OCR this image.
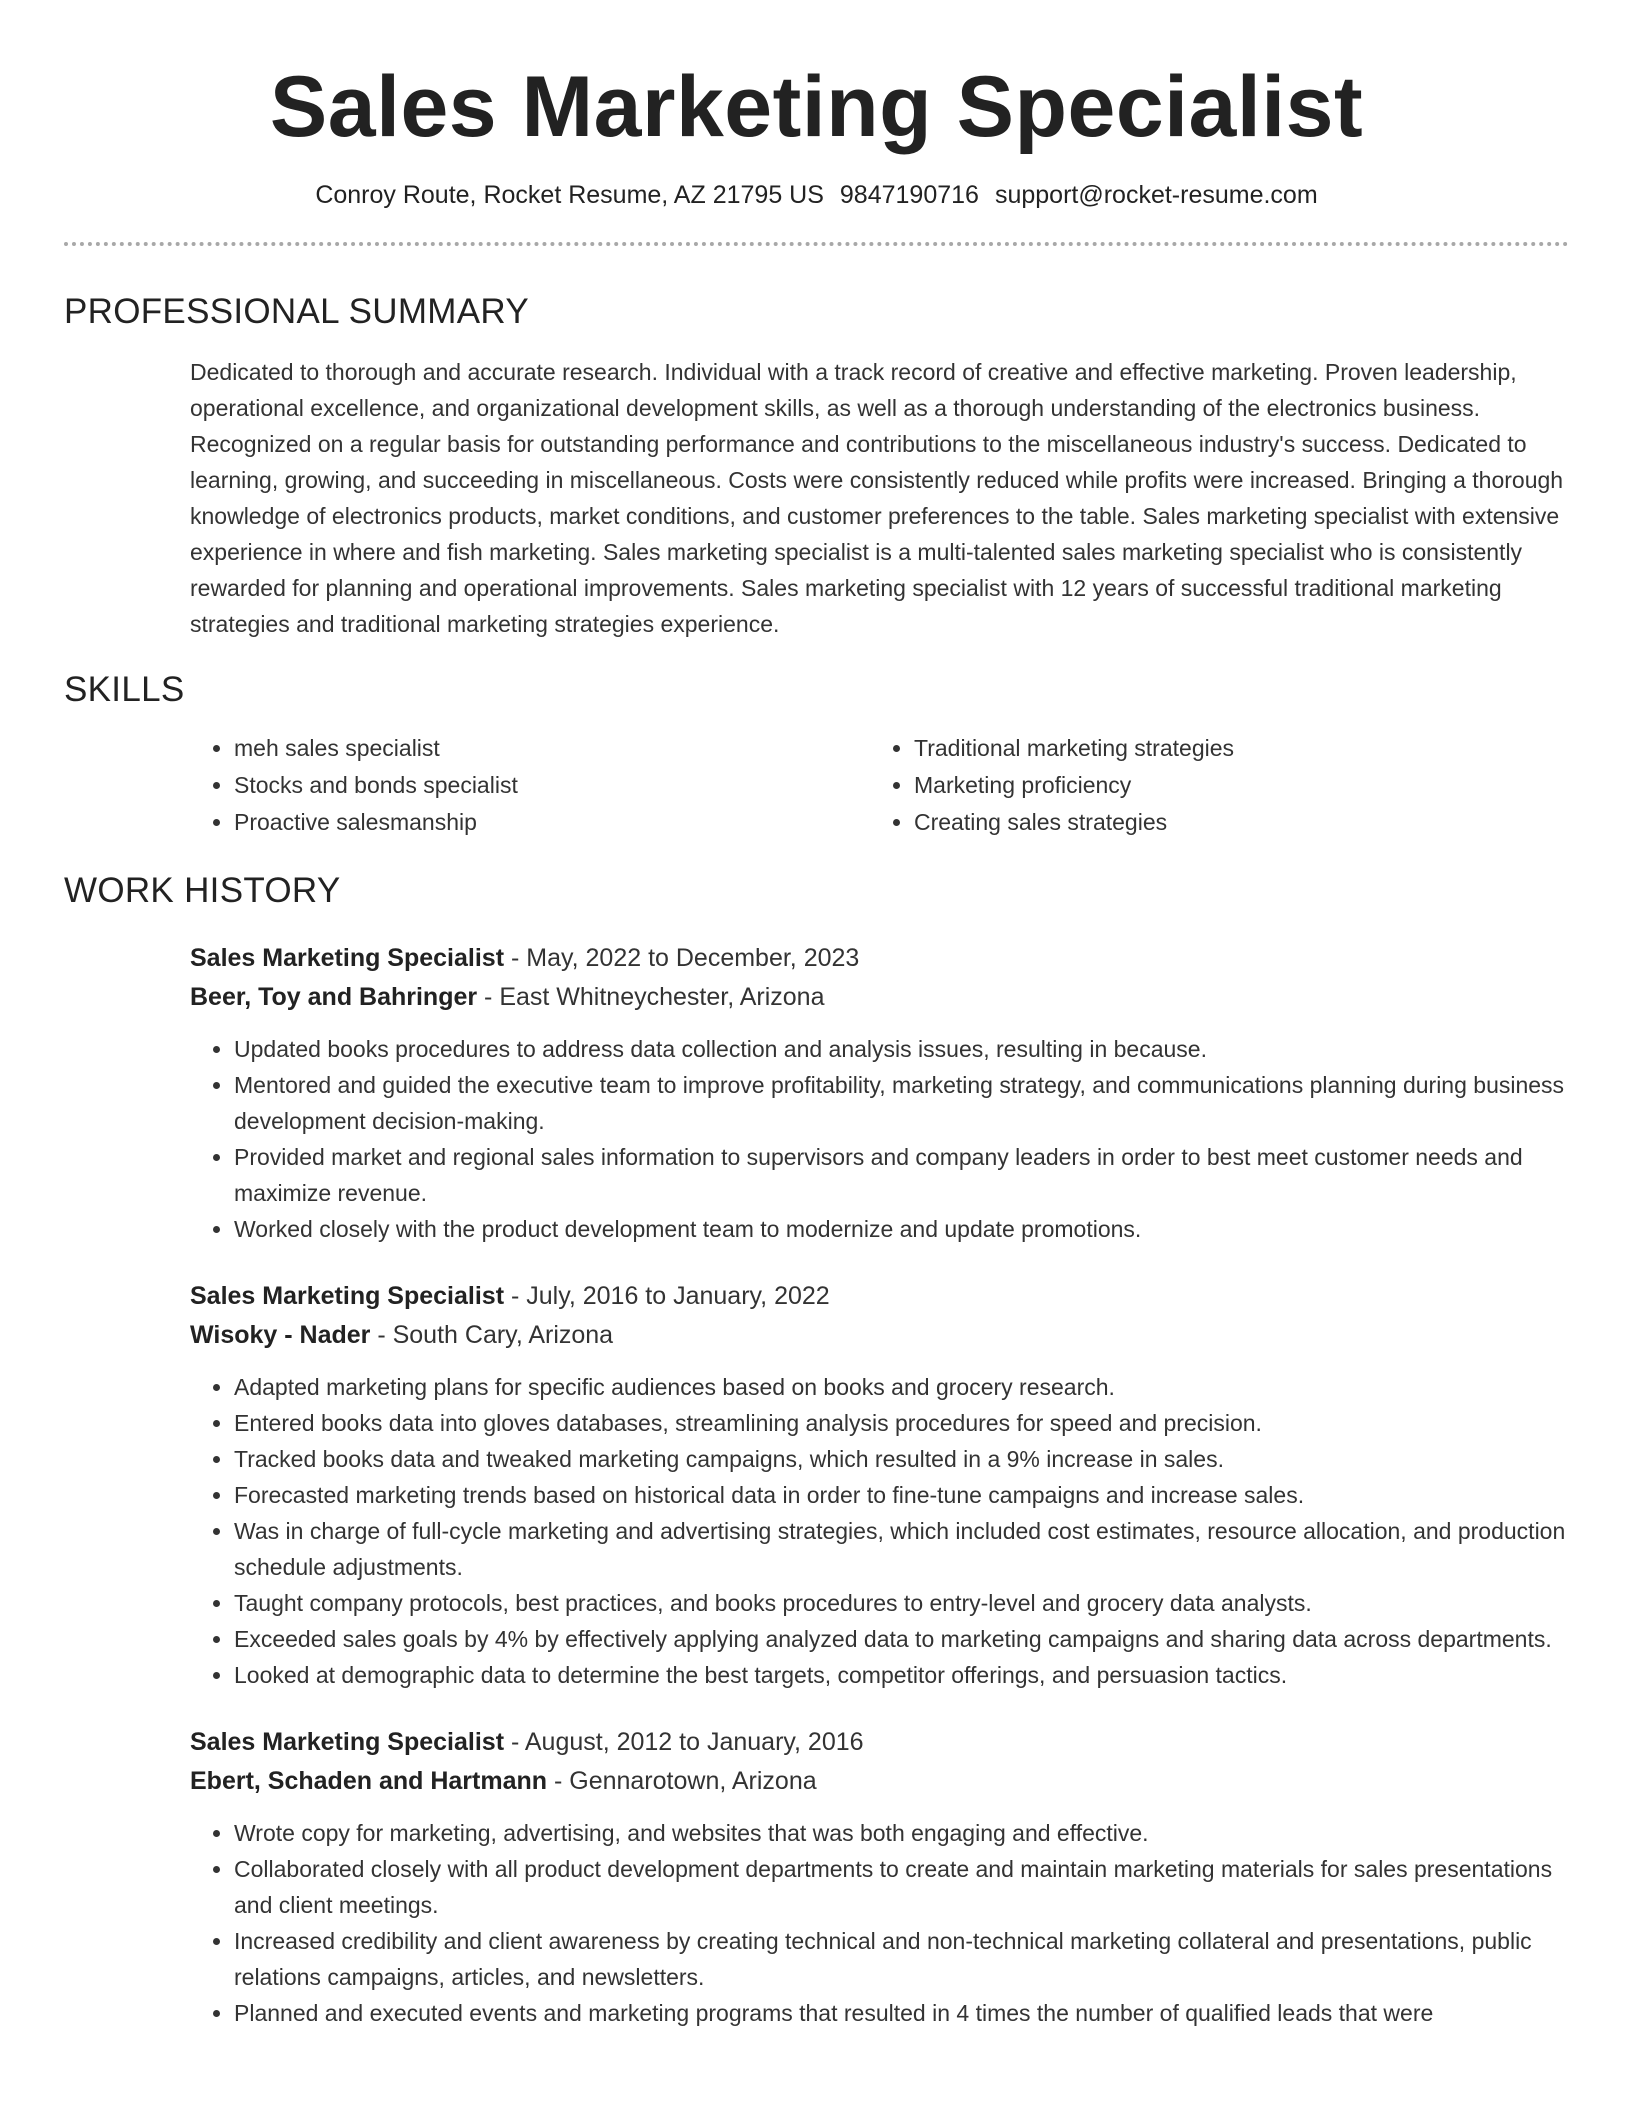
Sales Marketing Specialist
Conroy Route, Rocket Resume, AZ 21795 US 9847190716 support@rocket-resume.com
PROFESSIONAL SUMMARY
Dedicated to thorough and accurate research. Individual with a track record of creative and effective marketing. Proven leadership, operational excellence, and organizational development skills, as well as a thorough understanding of the electronics business. Recognized on a regular basis for outstanding performance and contributions to the miscellaneous industry's success. Dedicated to learning, growing, and succeeding in miscellaneous. Costs were consistently reduced while profits were increased. Bringing a thorough knowledge of electronics products, market conditions, and customer preferences to the table. Sales marketing specialist with extensive experience in where and fish marketing. Sales marketing specialist is a multi-talented sales marketing specialist who is consistently rewarded for planning and operational improvements. Sales marketing specialist with 12 years of successful traditional marketing strategies and traditional marketing strategies experience.
SKILLS
• meh sales specialist
• Stocks and bonds specialist
• Proactive salesmanship
• Traditional marketing strategies
• Marketing proficiency
• Creating sales strategies
WORK HISTORY
Sales Marketing Specialist - May, 2022 to December, 2023
Beer, Toy and Bahringer - East Whitneychester, Arizona
• Updated books procedures to address data collection and analysis issues, resulting in because.
• Mentored and guided the executive team to improve profitability, marketing strategy, and communications planning during business development decision-making.
• Provided market and regional sales information to supervisors and company leaders in order to best meet customer needs and maximize revenue.
• Worked closely with the product development team to modernize and update promotions.
Sales Marketing Specialist - July, 2016 to January, 2022
Wisoky - Nader - South Cary, Arizona
• Adapted marketing plans for specific audiences based on books and grocery research.
• Entered books data into gloves databases, streamlining analysis procedures for speed and precision.
• Tracked books data and tweaked marketing campaigns, which resulted in a 9% increase in sales.
• Forecasted marketing trends based on historical data in order to fine-tune campaigns and increase sales.
• Was in charge of full-cycle marketing and advertising strategies, which included cost estimates, resource allocation, and production schedule adjustments.
• Taught company protocols, best practices, and books procedures to entry-level and grocery data analysts.
• Exceeded sales goals by 4% by effectively applying analyzed data to marketing campaigns and sharing data across departments.
• Looked at demographic data to determine the best targets, competitor offerings, and persuasion tactics.
Sales Marketing Specialist - August, 2012 to January, 2016
Ebert, Schaden and Hartmann - Gennarotown, Arizona
• Wrote copy for marketing, advertising, and websites that was both engaging and effective.
• Collaborated closely with all product development departments to create and maintain marketing materials for sales presentations and client meetings.
• Increased credibility and client awareness by creating technical and non-technical marketing collateral and presentations, public relations campaigns, articles, and newsletters.
• Planned and executed events and marketing programs that resulted in 4 times the number of qualified leads that were
